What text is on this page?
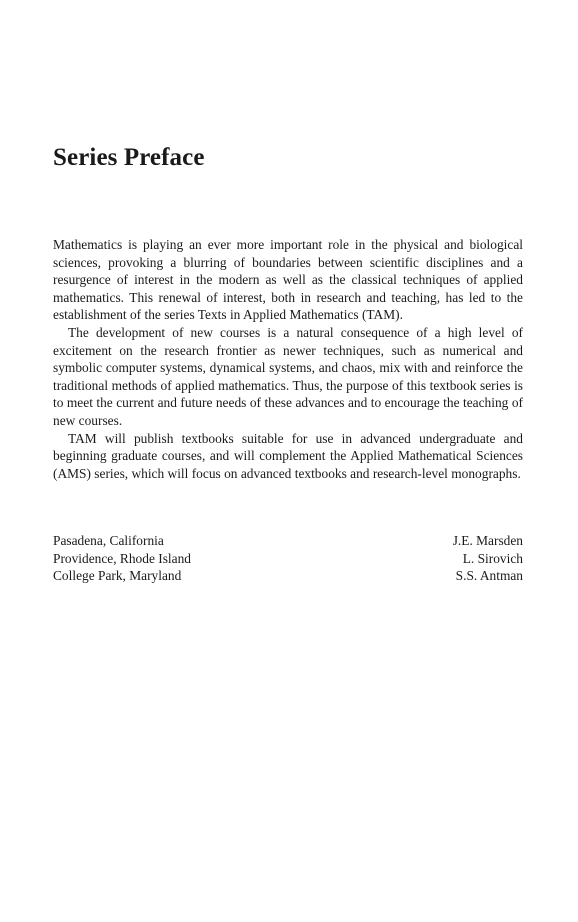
Series Preface

Mathematics is playing an ever more important role in the physical and biological sciences, provoking a blurring of boundaries between scientific disciplines and a resurgence of interest in the modern as well as the classical techniques of applied mathematics. This renewal of interest, both in research and teaching, has led to the establishment of the series Texts in Applied Mathematics (TAM).

The development of new courses is a natural consequence of a high level of excitement on the research frontier as newer techniques, such as numerical and symbolic computer systems, dynamical systems, and chaos, mix with and reinforce the traditional methods of applied mathematics. Thus, the purpose of this textbook series is to meet the current and future needs of these advances and to encourage the teaching of new courses.

TAM will publish textbooks suitable for use in advanced undergraduate and beginning graduate courses, and will complement the Applied Mathematical Sciences (AMS) series, which will focus on advanced textbooks and research-level monographs.

Pasadena, California	J.E. Marsden
Providence, Rhode Island	L. Sirovich
College Park, Maryland	S.S. Antman
